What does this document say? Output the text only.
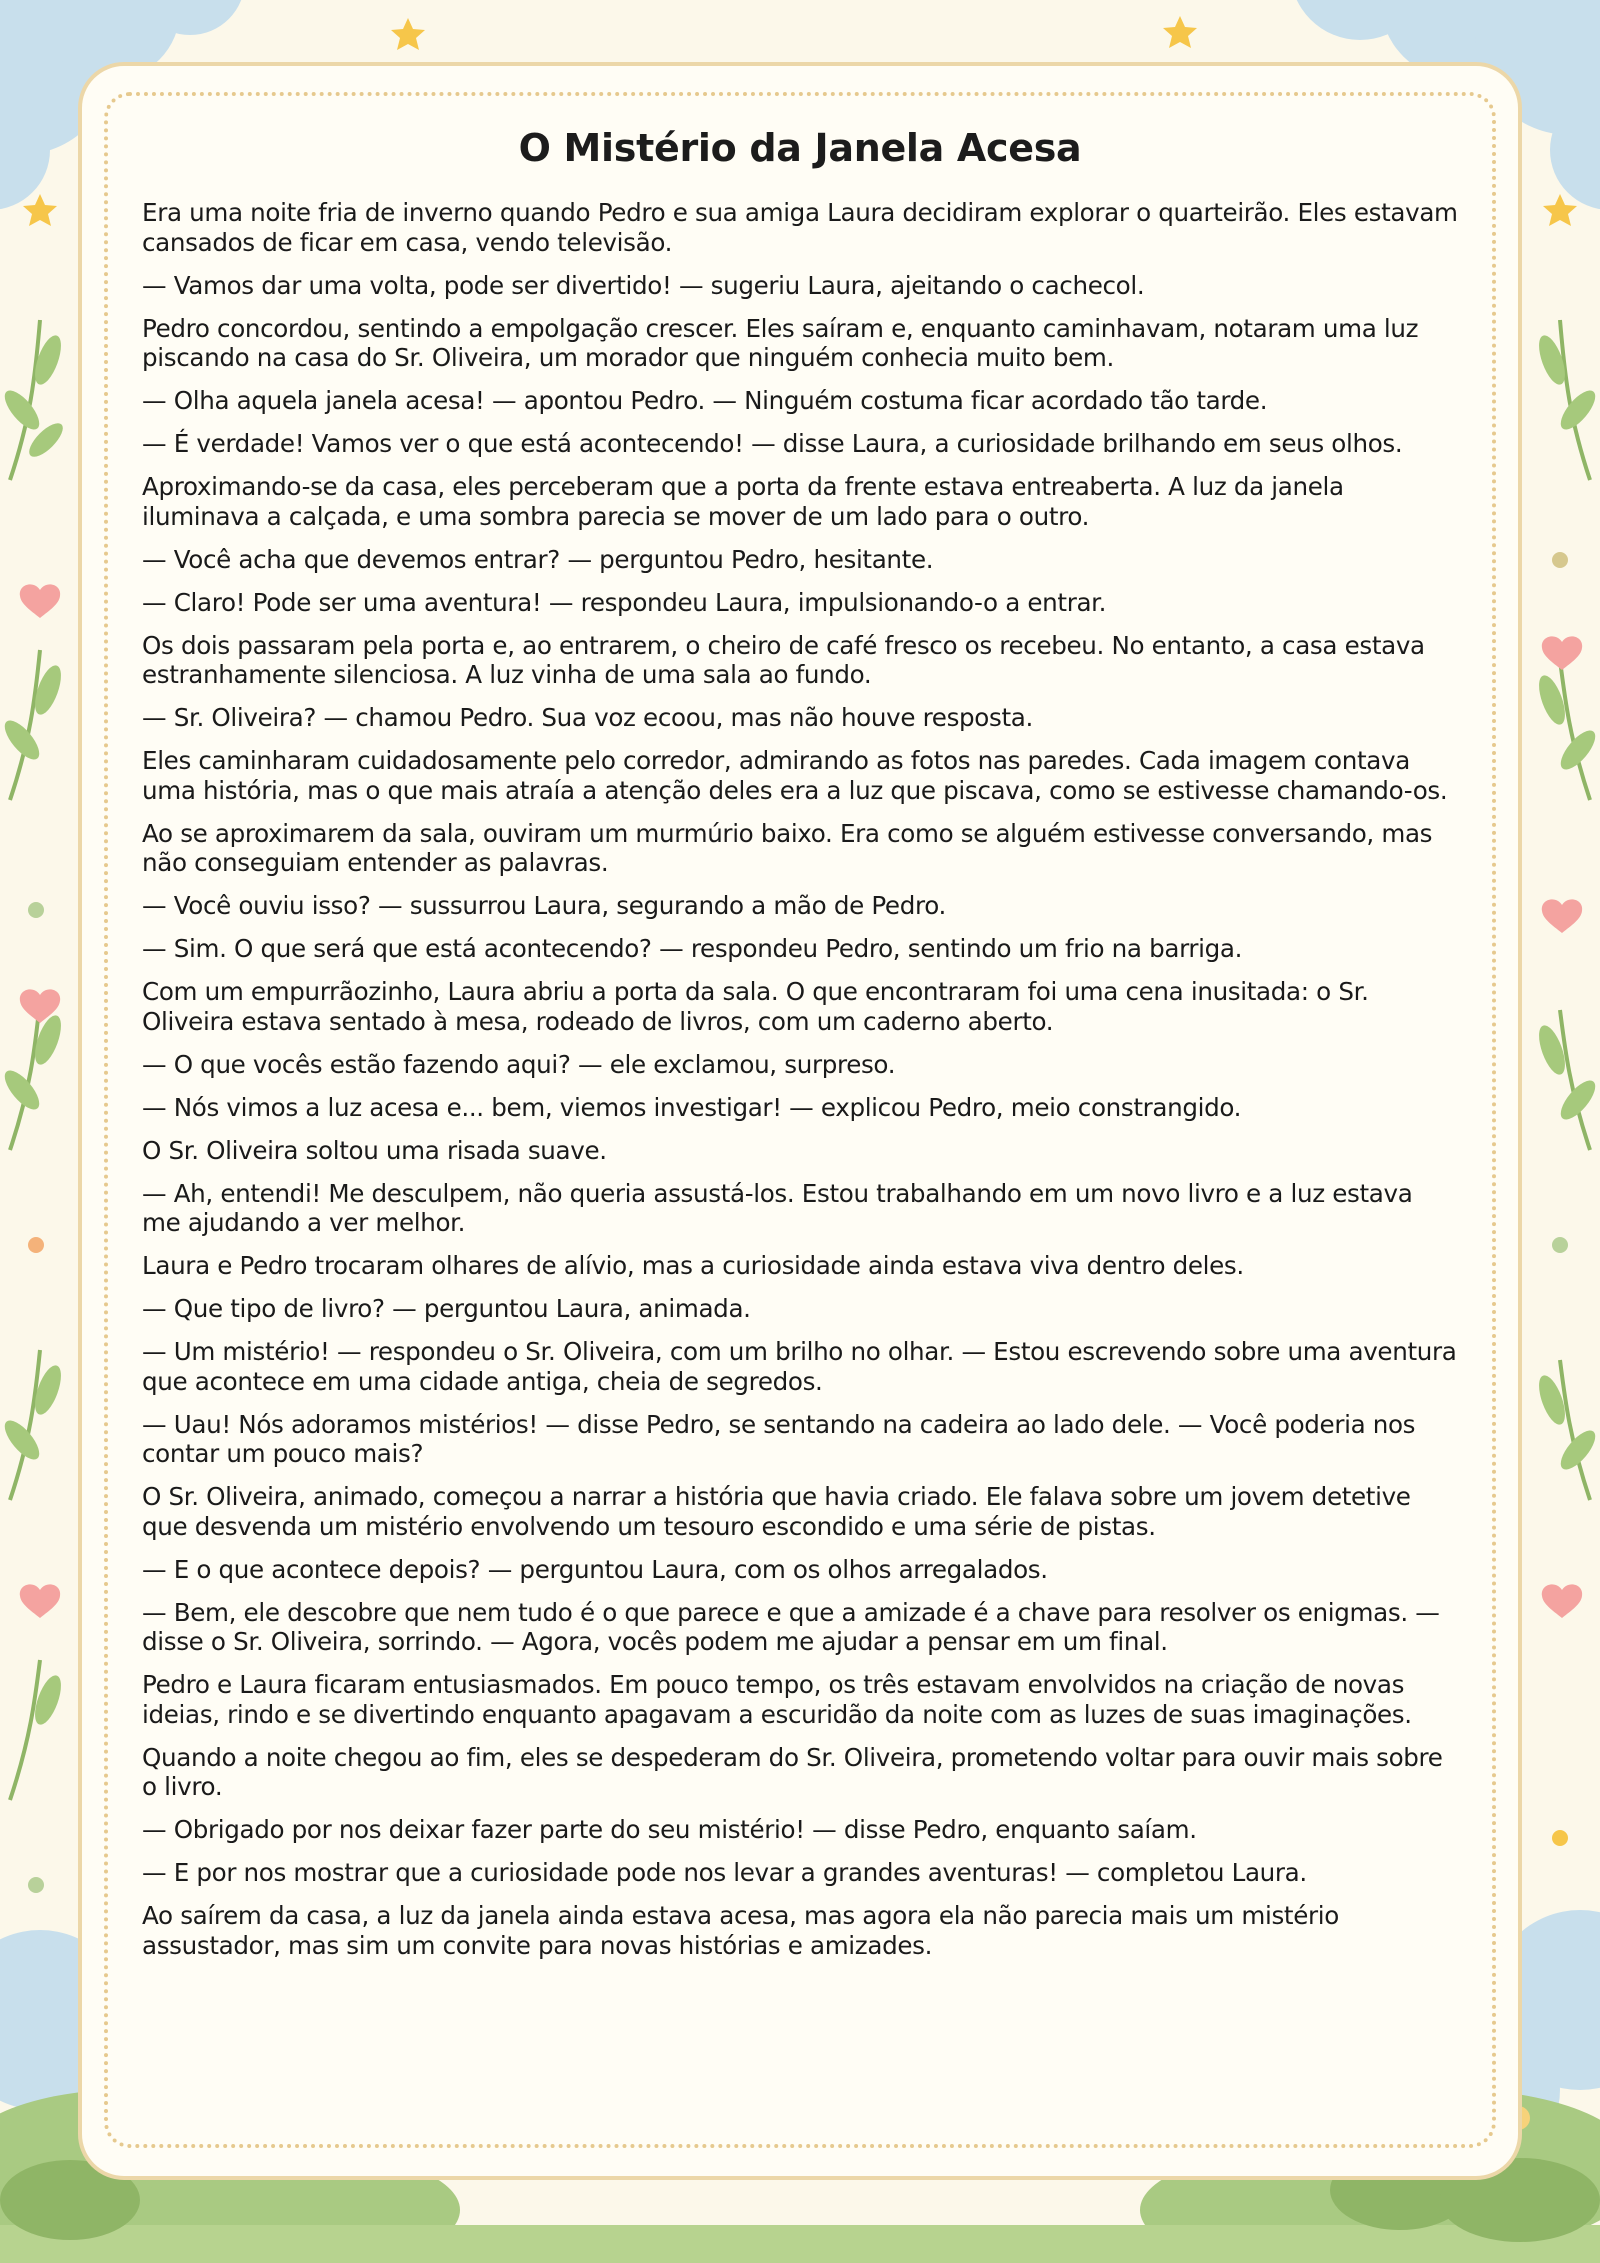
O Mistério da Janela Acesa

Era uma noite fria de inverno quando Pedro e sua amiga Laura decidiram explorar o quarteirão. Eles estavam cansados de ficar em casa, vendo televisão.

— Vamos dar uma volta, pode ser divertido! — sugeriu Laura, ajeitando o cachecol.

Pedro concordou, sentindo a empolgação crescer. Eles saíram e, enquanto caminhavam, notaram uma luz piscando na casa do Sr. Oliveira, um morador que ninguém conhecia muito bem.

— Olha aquela janela acesa! — apontou Pedro. — Ninguém costuma ficar acordado tão tarde.

— É verdade! Vamos ver o que está acontecendo! — disse Laura, a curiosidade brilhando em seus olhos.

Aproximando-se da casa, eles perceberam que a porta da frente estava entreaberta. A luz da janela iluminava a calçada, e uma sombra parecia se mover de um lado para o outro.

— Você acha que devemos entrar? — perguntou Pedro, hesitante.

— Claro! Pode ser uma aventura! — respondeu Laura, impulsionando-o a entrar.

Os dois passaram pela porta e, ao entrarem, o cheiro de café fresco os recebeu. No entanto, a casa estava estranhamente silenciosa. A luz vinha de uma sala ao fundo.

— Sr. Oliveira? — chamou Pedro. Sua voz ecoou, mas não houve resposta.

Eles caminharam cuidadosamente pelo corredor, admirando as fotos nas paredes. Cada imagem contava uma história, mas o que mais atraía a atenção deles era a luz que piscava, como se estivesse chamando-os.

Ao se aproximarem da sala, ouviram um murmúrio baixo. Era como se alguém estivesse conversando, mas não conseguiam entender as palavras.

— Você ouviu isso? — sussurrou Laura, segurando a mão de Pedro.

— Sim. O que será que está acontecendo? — respondeu Pedro, sentindo um frio na barriga.

Com um empurrãozinho, Laura abriu a porta da sala. O que encontraram foi uma cena inusitada: o Sr. Oliveira estava sentado à mesa, rodeado de livros, com um caderno aberto.

— O que vocês estão fazendo aqui? — ele exclamou, surpreso.

— Nós vimos a luz acesa e... bem, viemos investigar! — explicou Pedro, meio constrangido.

O Sr. Oliveira soltou uma risada suave.

— Ah, entendi! Me desculpem, não queria assustá-los. Estou trabalhando em um novo livro e a luz estava me ajudando a ver melhor.

Laura e Pedro trocaram olhares de alívio, mas a curiosidade ainda estava viva dentro deles.

— Que tipo de livro? — perguntou Laura, animada.

— Um mistério! — respondeu o Sr. Oliveira, com um brilho no olhar. — Estou escrevendo sobre uma aventura que acontece em uma cidade antiga, cheia de segredos.

— Uau! Nós adoramos mistérios! — disse Pedro, se sentando na cadeira ao lado dele. — Você poderia nos contar um pouco mais?

O Sr. Oliveira, animado, começou a narrar a história que havia criado. Ele falava sobre um jovem detetive que desvenda um mistério envolvendo um tesouro escondido e uma série de pistas.

— E o que acontece depois? — perguntou Laura, com os olhos arregalados.

— Bem, ele descobre que nem tudo é o que parece e que a amizade é a chave para resolver os enigmas. — disse o Sr. Oliveira, sorrindo. — Agora, vocês podem me ajudar a pensar em um final.

Pedro e Laura ficaram entusiasmados. Em pouco tempo, os três estavam envolvidos na criação de novas ideias, rindo e se divertindo enquanto apagavam a escuridão da noite com as luzes de suas imaginações.

Quando a noite chegou ao fim, eles se despederam do Sr. Oliveira, prometendo voltar para ouvir mais sobre o livro.

— Obrigado por nos deixar fazer parte do seu mistério! — disse Pedro, enquanto saíam.

— E por nos mostrar que a curiosidade pode nos levar a grandes aventuras! — completou Laura.

Ao saírem da casa, a luz da janela ainda estava acesa, mas agora ela não parecia mais um mistério assustador, mas sim um convite para novas histórias e amizades.
